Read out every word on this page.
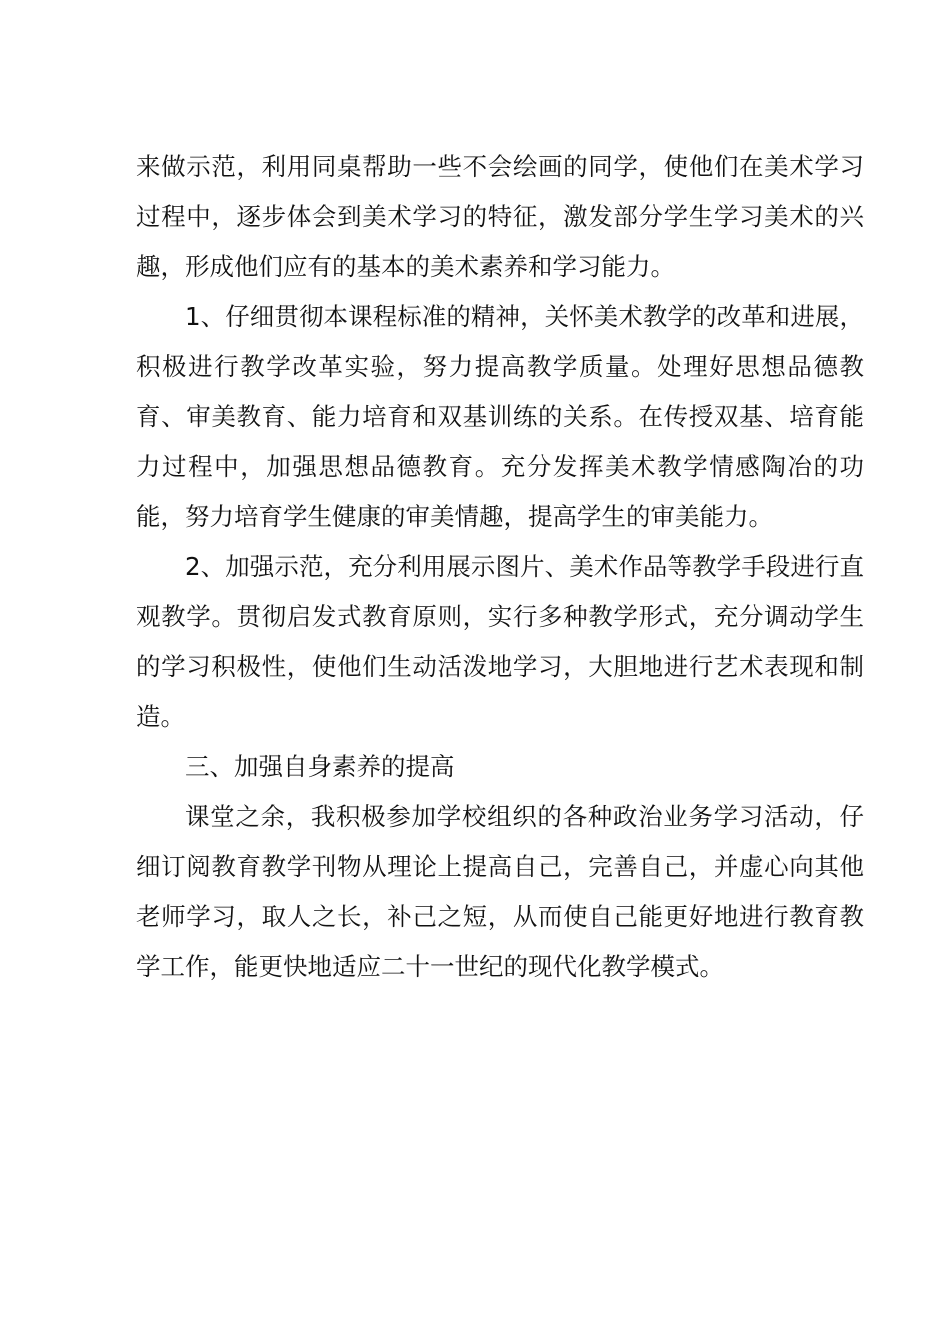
来做示范，利用同桌帮助一些不会绘画的同学，使他们在美术学习过程中，逐步体会到美术学习的特征，激发部分学生学习美术的兴趣，形成他们应有的基本的美术素养和学习能力。

1、仔细贯彻本课程标准的精神，关怀美术教学的改革和进展，积极进行教学改革实验，努力提高教学质量。处理好思想品德教育、审美教育、能力培育和双基训练的关系。在传授双基、培育能力过程中，加强思想品德教育。充分发挥美术教学情感陶冶的功能，努力培育学生健康的审美情趣，提高学生的审美能力。

2、加强示范，充分利用展示图片、美术作品等教学手段进行直观教学。贯彻启发式教育原则，实行多种教学形式，充分调动学生的学习积极性，使他们生动活泼地学习，大胆地进行艺术表现和制造。

三、加强自身素养的提高

课堂之余，我积极参加学校组织的各种政治业务学习活动，仔细订阅教育教学刊物从理论上提高自己，完善自己，并虚心向其他老师学习，取人之长，补己之短，从而使自己能更好地进行教育教学工作，能更快地适应二十一世纪的现代化教学模式。
